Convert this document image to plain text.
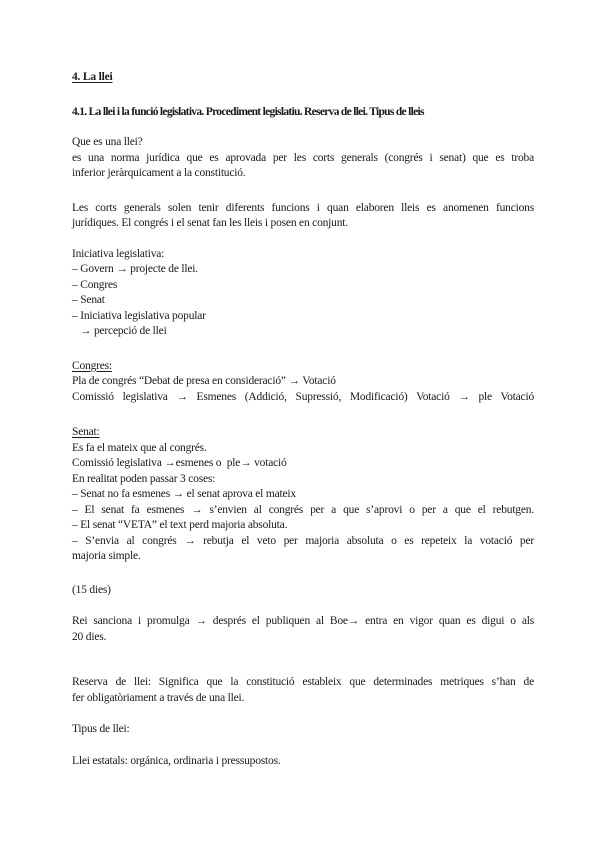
4. La llei
4.1. La llei i la funció legislativa. Procediment legislatiu. Reserva de llei. Tipus de lleis
Que es una llei?
es una norma jurídica que es aprovada per les corts generals (congrés i senat) que es troba
inferior jeràrquicament a la constitució.
Les corts generals solen tenir diferents funcions i quan elaboren lleis es anomenen funcions
jurídiques. El congrés i el senat fan les lleis i posen en conjunt.
Iniciativa legislativa:
– Govern → projecte de llei.
– Congres
– Senat
– Iniciativa legislativa popular
→ percepció de llei
Congres:
Pla de congrés “Debat de presa en consideració” → Votació
Comissió legislativa → Esmenes (Addició, Supressió, Modificació) Votació → ple Votació
Senat:
Es fa el mateix que al congrés.
Comissió legislativa →esmenes o  ple→ votació
En realitat poden passar 3 coses:
– Senat no fa esmenes → el senat aprova el mateix
– El senat fa esmenes → s’envien al congrés per a que s’aprovi o per a que el rebutgen.
– El senat “VETA” el text perd majoria absoluta.
– S’envia al congrés → rebutja el veto per majoria absoluta o es repeteix la votació per
majoria simple.
(15 dies)
Rei sanciona i promulga → després el publiquen al Boe→ entra en vigor quan es digui o als
20 dies.
Reserva de llei: Significa que la constitució estableix que determinades metriques s’han de
fer obligatòriament a través de una llei.
Tipus de llei:
Llei estatals: orgánica, ordinaria i pressupostos.
